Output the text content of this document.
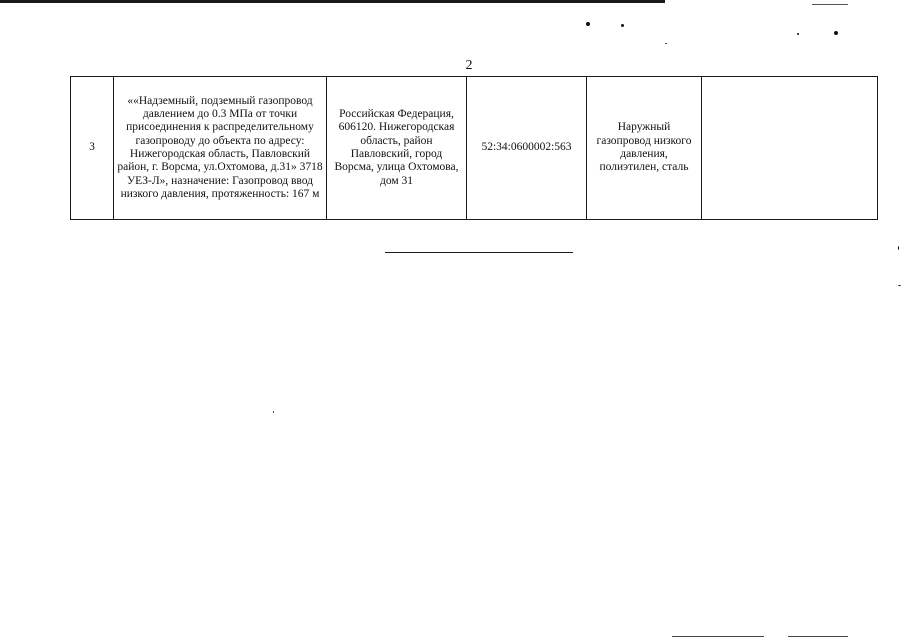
2
3	««Надземный, подземный газопровод давлением до 0.3 МПа от точки присоединения к распределительному газопроводу до объекта по адресу: Нижегородская область, Павловский район, г. Ворсма, ул.Охтомова, д.31» 3718 УЕЗ-Л», назначение: Газопровод ввод низкого давления, протяженность: 167 м	Российская Федерация, 606120. Нижегородская область, район Павловский, город Ворсма, улица Охтомова, дом 31	52:34:0600002:563	Наружный газопровод низкого давления, полиэтилен, сталь	
